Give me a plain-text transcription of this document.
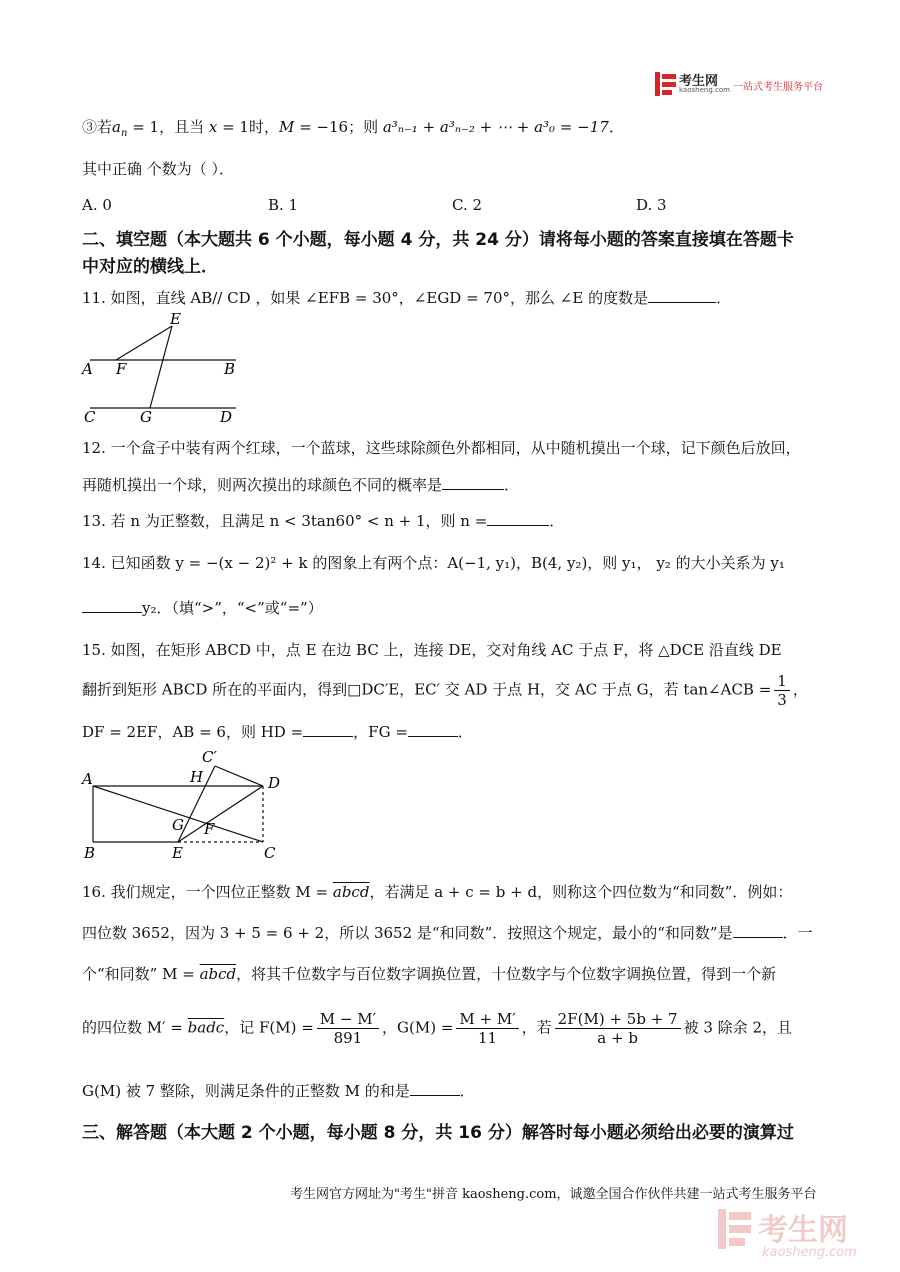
考生网
kaosheng.com 一站式考生服务平台
③若$a_n = 1$，且当 x = 1时，M = −16；则 a³ₙ₋₁ + a³ₙ₋₂ + ⋯ + a³₀ = −17．
其中正确 个数为（ ）．
A. 0	B. 1	C. 2	D. 3
二、填空题（本大题共 6 个小题，每小题 4 分，共 24 分）请将每小题的答案直接填在答题卡
中对应的横线上．
11. 如图，直线 AB// CD ，如果 ∠EFB = 30°，∠EGD = 70°，那么 ∠E 的度数是	．
E
A F	B
C	G	D
12. 一个盒子中装有两个红球，一个蓝球，这些球除颜色外都相同，从中随机摸出一个球，记下颜色后放回，
再随机摸出一个球，则两次摸出的球颜色不同的概率是	．
13. 若 n 为正整数，且满足 n < 3tan60° < n + 1，则 n =	．
14. 已知函数 y = −(x − 2)² + k 的图象上有两个点：A(−1, y₁)，B(4, y₂)，则 y₁， y₂ 的大小关系为 y₁
y₂．（填“>”，“<”或“=”）
15. 如图，在矩形 ABCD 中，点 E 在边 BC 上，连接 DE，交对角线 AC 于点 F，将 △DCE 沿直线 DE
翻折到矩形 ABCD 所在的平面内，得到□DC′E，EC′ 交 AD 于点 H，交 AC 于点 G，若 tan∠ACB = $\frac{1}{3}$ ，
DF = 2EF，AB = 6，则 HD =	，FG =	．
C′
A	H	D
G F
B	E	C
16. 我们规定，一个四位正整数 M = abcd，若满足 a + c = b + d，则称这个四位数为“和同数”．例如：
四位数 3652，因为 3 + 5 = 6 + 2，所以 3652 是“和同数”．按照这个规定，最小的“和同数”是	．一
个“和同数” M = abcd，将其千位数字与百位数字调换位置，十位数字与个位数字调换位置，得到一个新
的四位数 M′ = badc，记 $F(M) = \frac{M - M'}{891}$ ，$G(M) = \frac{M + M'}{11}$ ，若 $\frac{2F(M) + 5b + 7}{a + b}$ 被 3 除余 2，且
G(M) 被 7 整除，则满足条件的正整数 M 的和是	．
三、解答题（本大题 2 个小题，每小题 8 分，共 16 分）解答时每小题必须给出必要的演算过
考生网官方网址为"考生"拼音 kaosheng.com，诚邀全国合作伙伴共建一站式考生服务平台
考生网
kaosheng.com
